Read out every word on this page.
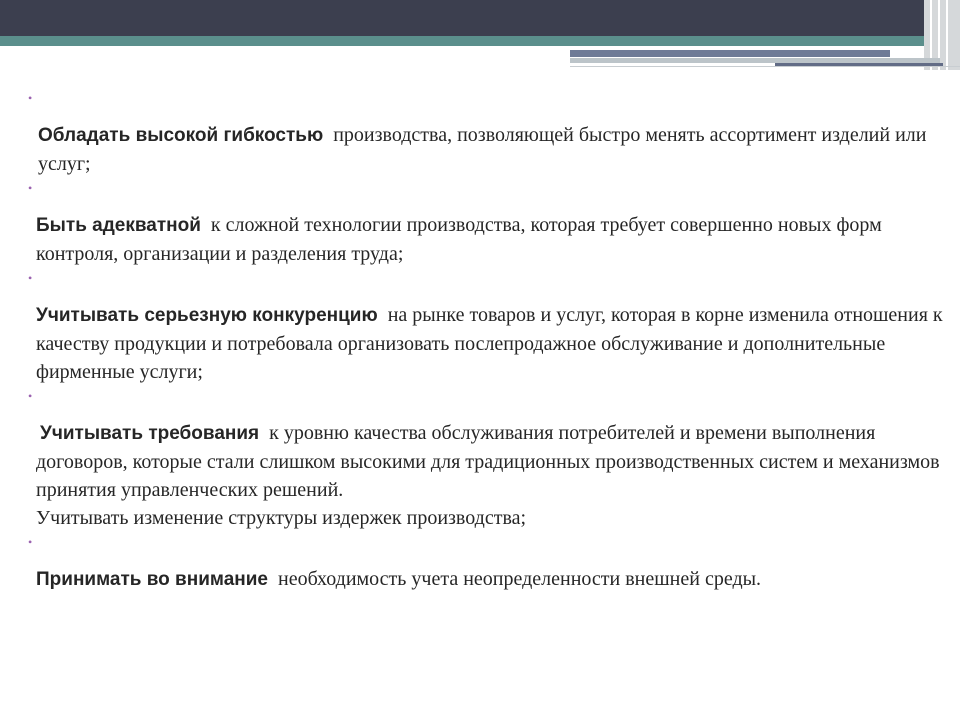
•

Обладать высокой гибкостью производства, позволяющей быстро менять ассортимент изделий или услуг;

•

Быть адекватной к сложной технологии производства, которая требует совершенно новых форм контроля, организации и разделения труда;

•

Учитывать серьезную конкуренцию на рынке товаров и услуг, которая в корне изменила отношения к качеству продукции и потребовала организовать послепродажное обслуживание и дополнительные фирменные услуги;

•

Учитывать требования к уровню качества обслуживания потребителей и времени выполнения договоров, которые стали слишком высокими для традиционных производственных систем и механизмов принятия управленческих решений.
Учитывать изменение структуры издержек производства;

•

Принимать во внимание необходимость учета неопределенности внешней среды.
